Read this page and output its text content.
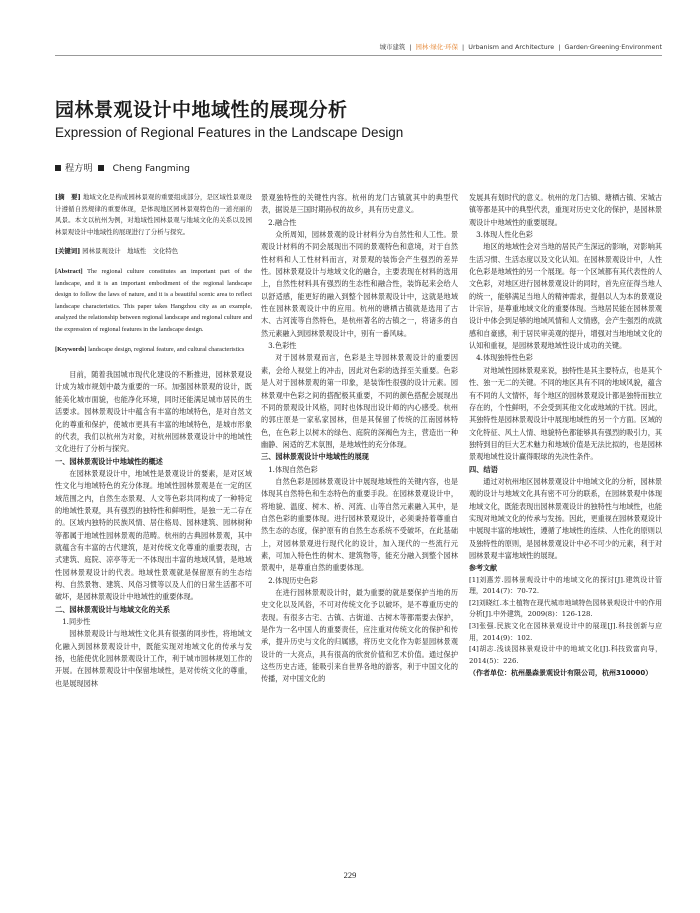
城市建筑  |  园林·绿化·环保  |  Urbanism and Architecture  |  Garden·Greening·Environment
园林景观设计中地域性的展现分析
Expression of Regional Features in the Landscape Design
程方明 Cheng Fangming

[摘　要] 地域文化是构成园林景观的重要组成部分，是区域性景观设计遵循自然规律的重要体现，是体现地区园林景观特色的一道亮丽的风景。本文以杭州为例，对地域性园林景观与地域文化的关系以及园林景观设计中地域性的展现进行了分析与探究。

[关键词] 园林景观设计　地域性　文化特色

[Abstract] The regional culture constitutes an important part of the landscape, and it is an important embodiment of the regional landscape design to follow the laws of nature, and it is a beautiful scenic area to reflect landscape characteristics. This paper takes Hangzhou city as an example, analyzed the relationship between regional landscape and regional culture and the expression of regional features in the landscape design.

[Keywords] landscape design, regional feature, and cultural characteristics

目前，随着我国城市现代化建设的不断推进，园林景观设计成为城市规划中最为重要的一环。加强园林景观的设计，既能美化城市面貌，也能净化环境，同时还能满足城市居民的生活要求。园林景观设计中蕴含有丰富的地域特色，是对自然文化的尊重和保护，使城市更具有丰富的地域特色，是城市形象的代表，我们以杭州为对象，对杭州园林景观设计中的地域性文化进行了分析与探究。

一、园林景观设计中地域性的概述

在园林景观设计中，地域性是景观设计的要素，是对区域性文化与地域特色的充分体现。地域性园林景观是在一定的区域范围之内，自然生态景观、人文等色彩共同构成了一种特定的地域性景观，具有强烈的独特性和鲜明性，是独一无二存在的。区域内独特的民族风情、居住格局、园林建筑、园林树种等都属于地域性园林景观的范畴。杭州的古典园林景观，其中就蕴含有丰富的古代建筑，是对传统文化尊重的重要表现，古式建筑、庭院、凉亭等无一不体现出丰富的地域风情，是地域性园林景观设计的代表。地域性景观就是保留原有的生态结构、自然景物、建筑、风俗习惯等以及人们的日常生活都不可破坏，是园林景观设计中地域性的重要体现。

二、园林景观设计与地域文化的关系
1.同步性

园林景观设计与地域性文化具有很强的同步性，将地域文化融入到园林景观设计中，既能实现对地域文化的传承与发扬，也能使优化园林景观设计工作，利于城市园林规划工作的开展。在园林景观设计中保留地域性，是对传统文化的尊重，也是展现园林

景观独特性的关键性内容。杭州的龙门古镇就其中的典型代表，据说是三国时期孙权的故乡，具有历史意义。

2.融合性

众所周知，园林景观的设计材料分为自然性和人工性。景观设计材料的不同会展现出不同的景观特色和意境，对于自然性材料和人工性材料而言，对景观的装饰会产生强烈的差异性。园林景观设计与地域文化的融合，主要表现在材料的选用上，自然性材料具有强烈的生态性和融合性，装饰起来会给人以舒适感，能更好的融入到整个园林景观设计中，这就是地域性在园林景观设计中的应用。杭州的塘栖古镇就是选用了古木、古河流等自然特色，是杭州著名的古镇之一，将诸多的自然元素融入到园林景观设计中，别有一番风味。

3.色彩性

对于园林景观而言，色彩是主导园林景观设计的重要因素，会给人视觉上的冲击，因此对色彩的选择至关重要。色彩是人对于园林景观的第一印象，是装饰性很强的设计元素。园林景观中色彩之间的搭配极其重要，不同的颜色搭配会展现出不同的景观设计风格，同时也体现出设计师的内心感受。杭州的郭庄原是一家私家园林，但是其保留了传统的江南园林特色，在色彩上以树木的绿色、庭院的深褐色为主，营造出一种幽静、闲适的艺术氛围，是地域性的充分体现。

三、园林景观设计中地域性的展现
1.体现自然色彩

自然色彩是园林景观设计中展现地域性的关键内容，也是体现其自然特色和生态特色的重要手段。在园林景观设计中，将地貌、温度、树木、桥、河流、山等自然元素融入其中，是自然色彩的重要体现。进行园林景观设计，必须秉持着尊重自然生态的态度，保护原有的自然生态系统不受破坏，在此基础上，对园林景观进行现代化的设计，加入现代的一些流行元素，可加入特色性的树木、建筑物等，能充分融入到整个园林景观中，是尊重自然的重要体现。

2.体现历史色彩

在进行园林景观设计时，最为重要的就是要保护当地的历史文化以及风俗，不可对传统文化予以破坏，是不尊重历史的表现。有很多古宅、古镇、古街道、古树木等都需要去保护，是作为一名中国人的重要责任，应注重对传统文化的保护和传承，提升历史与文化的归属感，将历史文化作为彰显园林景观设计的一大亮点，具有很高的欣赏价值和艺术价值。通过保护这些历史古迹，能吸引来自世界各地的游客，利于中国文化的传播，对中国文化的

发展具有划时代的意义。杭州的龙门古镇、塘栖古镇、宋城古镇等都是其中的典型代表，重现对历史文化的保护，是园林景观设计中地域性的重要展现。

3.体现人性化色彩

地区的地域性会对当地的居民产生深远的影响，对影响其生活习惯、生活态度以及文化认知。在园林景观设计中，人性化色彩是地域性的另一个展现。每一个区域都有其代表性的人文色彩，对地区进行园林景观设计的同时，首先应征得当地人的统一，能够满足当地人的精神需求，提倡以人为本的景观设计宗旨，是尊重地域文化的重要体现。当地居民能在园林景观设计中体会到足够的地域风情和人文情感，会产生强烈的成就感和自豪感，利于居民审美观的提升，增强对当地地域文化的认知和重视，是园林景观地域性设计成功的关键。

4.体现独特性色彩

对地域性园林景观来说，独特性是其主要特点，也是其个性、独一无二的关键。不同的地区具有不同的地域风貌，蕴含有不同的人文情怀，每个地区的园林景观设计都是独特而独立存在的，个性鲜明，不会受到其他文化或地域的干扰。因此，其独特性是园林景观设计中展现地域性的另一个方面。区域的文化特征、风土人情、地貌特色都能够具有强烈的吸引力，其独特到目的巨大艺术魅力和地域价值是无法比拟的，也是园林景观地域性设计赢得眼球的先决性条件。

四、结语

通过对杭州地区园林景观设计中地域文化的分析，园林景观的设计与地域文化具有密不可分的联系，在园林景观中体现地域文化，既能表现出园林景观设计的独特性与地域性，也能实现对地域文化的传承与发扬。因此，更重视在园林景观设计中展现丰富的地域性，遵循了地域性的连续、人性化的原则以及独特性的原则，是园林景观设计中必不可少的元素，利于对园林景观丰富地域性的展现。

参考文献

[1]刘惠芳.园林景观设计中的地域文化的探讨[J].建筑设计管理，2014(7)：70-72.

[2]刘晓红.本土植物在现代城市地域特色园林景观设计中的作用分析[J].中外建筑，2009(8)：126-128.

[3]张强.民族文化在园林景观设计中的展现[J].科技创新与应用，2014(9)：102.

[4]胡志.浅谈园林景观设计中的地域文化[J].科技致富向导，2014(5)：226.

（作者单位：杭州墨森景观设计有限公司，杭州310000）

229
